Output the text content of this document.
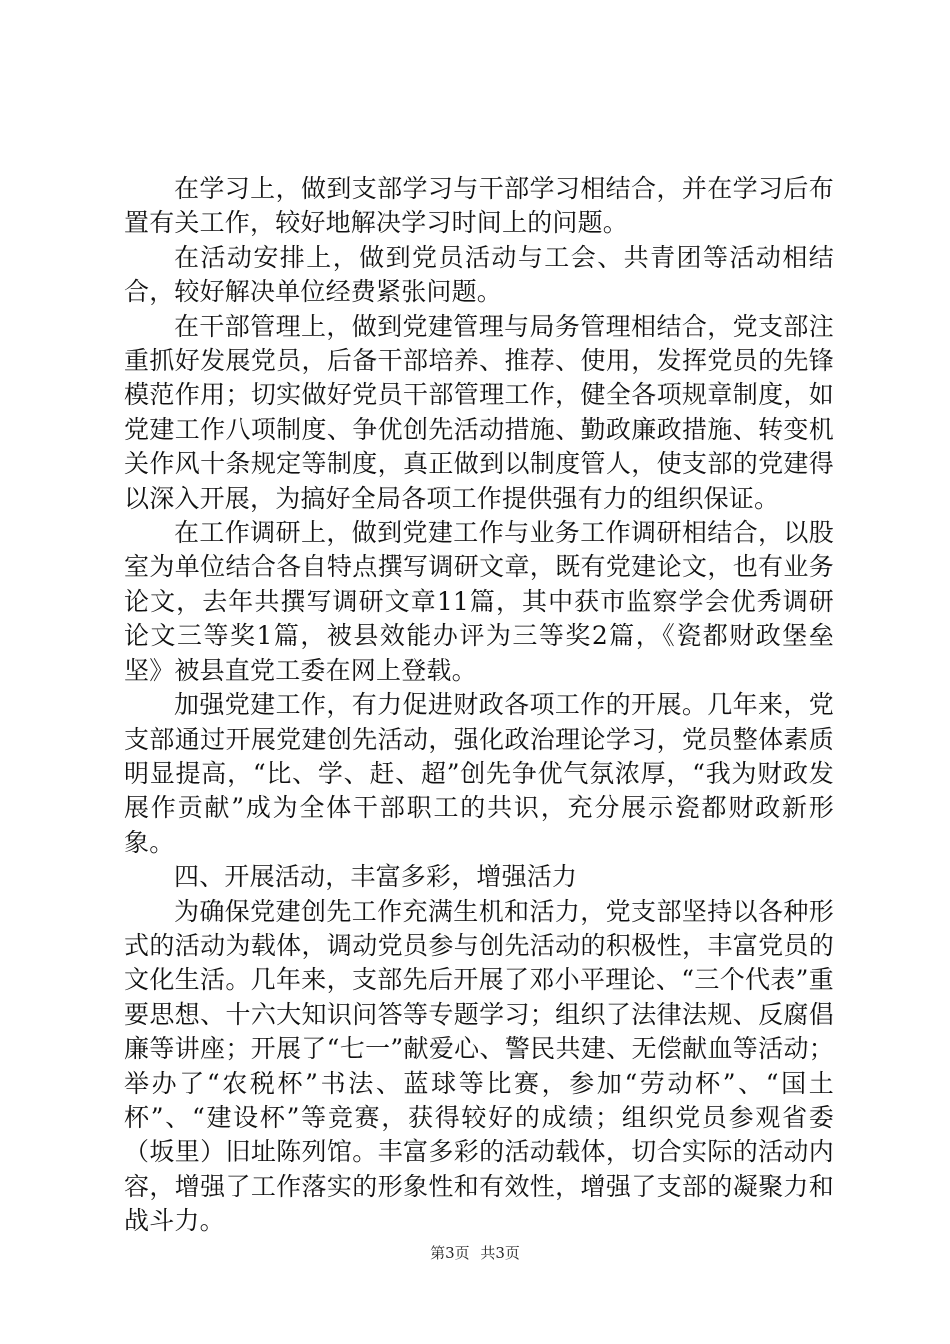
在学习上，做到支部学习与干部学习相结合，并在学习后布置有关工作，较好地解决学习时间上的问题。

在活动安排上，做到党员活动与工会、共青团等活动相结合，较好解决单位经费紧张问题。

在干部管理上，做到党建管理与局务管理相结合，党支部注重抓好发展党员，后备干部培养、推荐、使用，发挥党员的先锋模范作用；切实做好党员干部管理工作，健全各项规章制度，如党建工作八项制度、争优创先活动措施、勤政廉政措施、转变机关作风十条规定等制度，真正做到以制度管人，使支部的党建得以深入开展，为搞好全局各项工作提供强有力的组织保证。

在工作调研上，做到党建工作与业务工作调研相结合，以股室为单位结合各自特点撰写调研文章，既有党建论文，也有业务论文，去年共撰写调研文章11篇，其中获市监察学会优秀调研论文三等奖1篇，被县效能办评为三等奖2篇，《瓷都财政堡垒坚》被县直党工委在网上登载。

加强党建工作，有力促进财政各项工作的开展。几年来，党支部通过开展党建创先活动，强化政治理论学习，党员整体素质明显提高，“比、学、赶、超”创先争优气氛浓厚，“我为财政发展作贡献”成为全体干部职工的共识，充分展示瓷都财政新形象。

四、开展活动，丰富多彩，增强活力

为确保党建创先工作充满生机和活力，党支部坚持以各种形式的活动为载体，调动党员参与创先活动的积极性，丰富党员的文化生活。几年来，支部先后开展了邓小平理论、“三个代表”重要思想、十六大知识问答等专题学习；组织了法律法规、反腐倡廉等讲座；开展了“七一”献爱心、警民共建、无偿献血等活动；举办了“农税杯”书法、蓝球等比赛，参加“劳动杯”、“国土杯”、“建设杯”等竞赛，获得较好的成绩；组织党员参观省委（坂里）旧址陈列馆。丰富多彩的活动载体，切合实际的活动内容，增强了工作落实的形象性和有效性，增强了支部的凝聚力和战斗力。

第3页 共3页
